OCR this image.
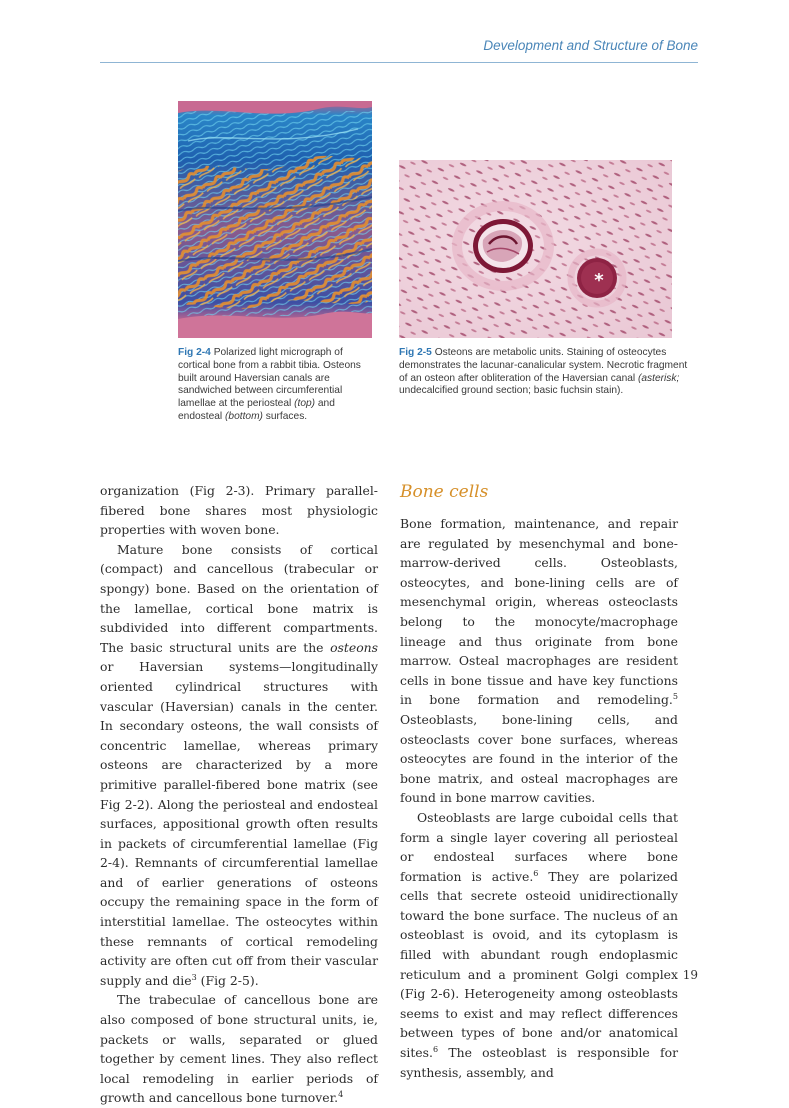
Development and Structure of Bone
*

Fig 2-4 Polarized light micrograph of cortical bone from a rabbit tibia. Osteons built around Haversian canals are sandwiched between circumferential lamellae at the periosteal (top) and endosteal (bottom) surfaces.

Fig 2-5 Osteons are metabolic units. Staining of osteocytes demonstrates the lacunar-canalicular system. Necrotic fragment of an osteon after obliteration of the Haversian canal (asterisk; undecalcified ground section; basic fuchsin stain).

organization (Fig 2-3). Primary parallel-fibered bone shares most physiologic properties with woven bone.

Mature bone consists of cortical (compact) and cancellous (trabecular or spongy) bone. Based on the orientation of the lamellae, cortical bone matrix is subdivided into different compartments. The basic structural units are the osteons or Haversian systems—longitudinally oriented cylindrical structures with vascular (Haversian) canals in the center. In secondary osteons, the wall consists of concentric lamellae, whereas primary osteons are characterized by a more primitive parallel-fibered bone matrix (see Fig 2-2). Along the periosteal and endosteal surfaces, appositional growth often results in packets of circumferential lamellae (Fig 2-4). Remnants of circumferential lamellae and of earlier generations of osteons occupy the remaining space in the form of interstitial lamellae. The osteocytes within these remnants of cortical remodeling activity are often cut off from their vascular supply and die$^3$ (Fig 2-5).

The trabeculae of cancellous bone are also composed of bone structural units, ie, packets or walls, separated or glued together by cement lines. They also reflect local remodeling in earlier periods of growth and cancellous bone turnover.$^4$

Bone cells

Bone formation, maintenance, and repair are regulated by mesenchymal and bone-marrow-derived cells. Osteoblasts, osteocytes, and bone-lining cells are of mesenchymal origin, whereas osteoclasts belong to the monocyte/macrophage lineage and thus originate from bone marrow. Osteal macrophages are resident cells in bone tissue and have key functions in bone formation and remodeling.$^5$ Osteoblasts, bone-lining cells, and osteoclasts cover bone surfaces, whereas osteocytes are found in the interior of the bone matrix, and osteal macrophages are found in bone marrow cavities.

Osteoblasts are large cuboidal cells that form a single layer covering all periosteal or endosteal surfaces where bone formation is active.$^6$ They are polarized cells that secrete osteoid unidirectionally toward the bone surface. The nucleus of an osteoblast is ovoid, and its cytoplasm is filled with abundant rough endoplasmic reticulum and a prominent Golgi complex (Fig 2-6). Heterogeneity among osteoblasts seems to exist and may reflect differences between types of bone and/or anatomical sites.$^6$ The osteoblast is responsible for synthesis, assembly, and

19
